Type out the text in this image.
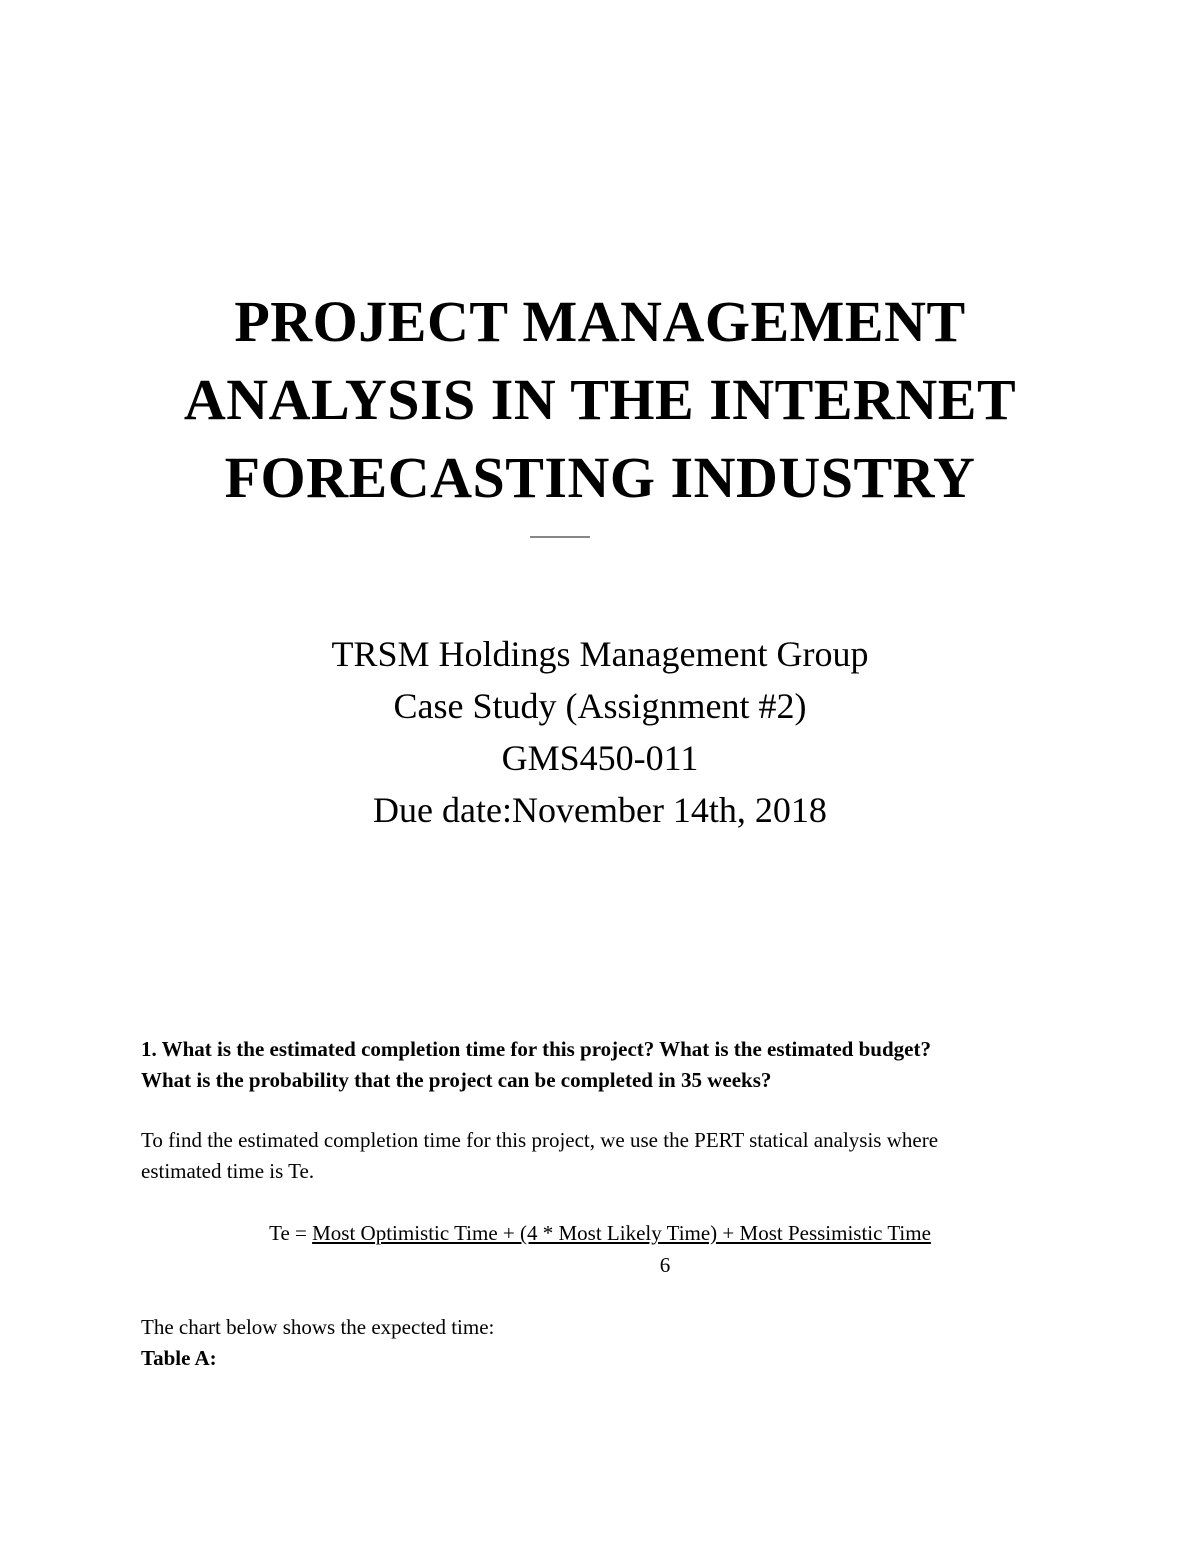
PROJECT MANAGEMENT
ANALYSIS IN THE INTERNET
FORECASTING INDUSTRY
TRSM Holdings Management Group
Case Study (Assignment #2)
GMS450-011
Due date:November 14th, 2018
1. What is the estimated completion time for this project? What is the estimated budget?
What is the probability that the project can be completed in 35 weeks?
To find the estimated completion time for this project, we use the PERT statical analysis where
estimated time is Te.
Te = Most Optimistic Time + (4 * Most Likely Time) + Most Pessimistic Time
6
The chart below shows the expected time:
Table A:
